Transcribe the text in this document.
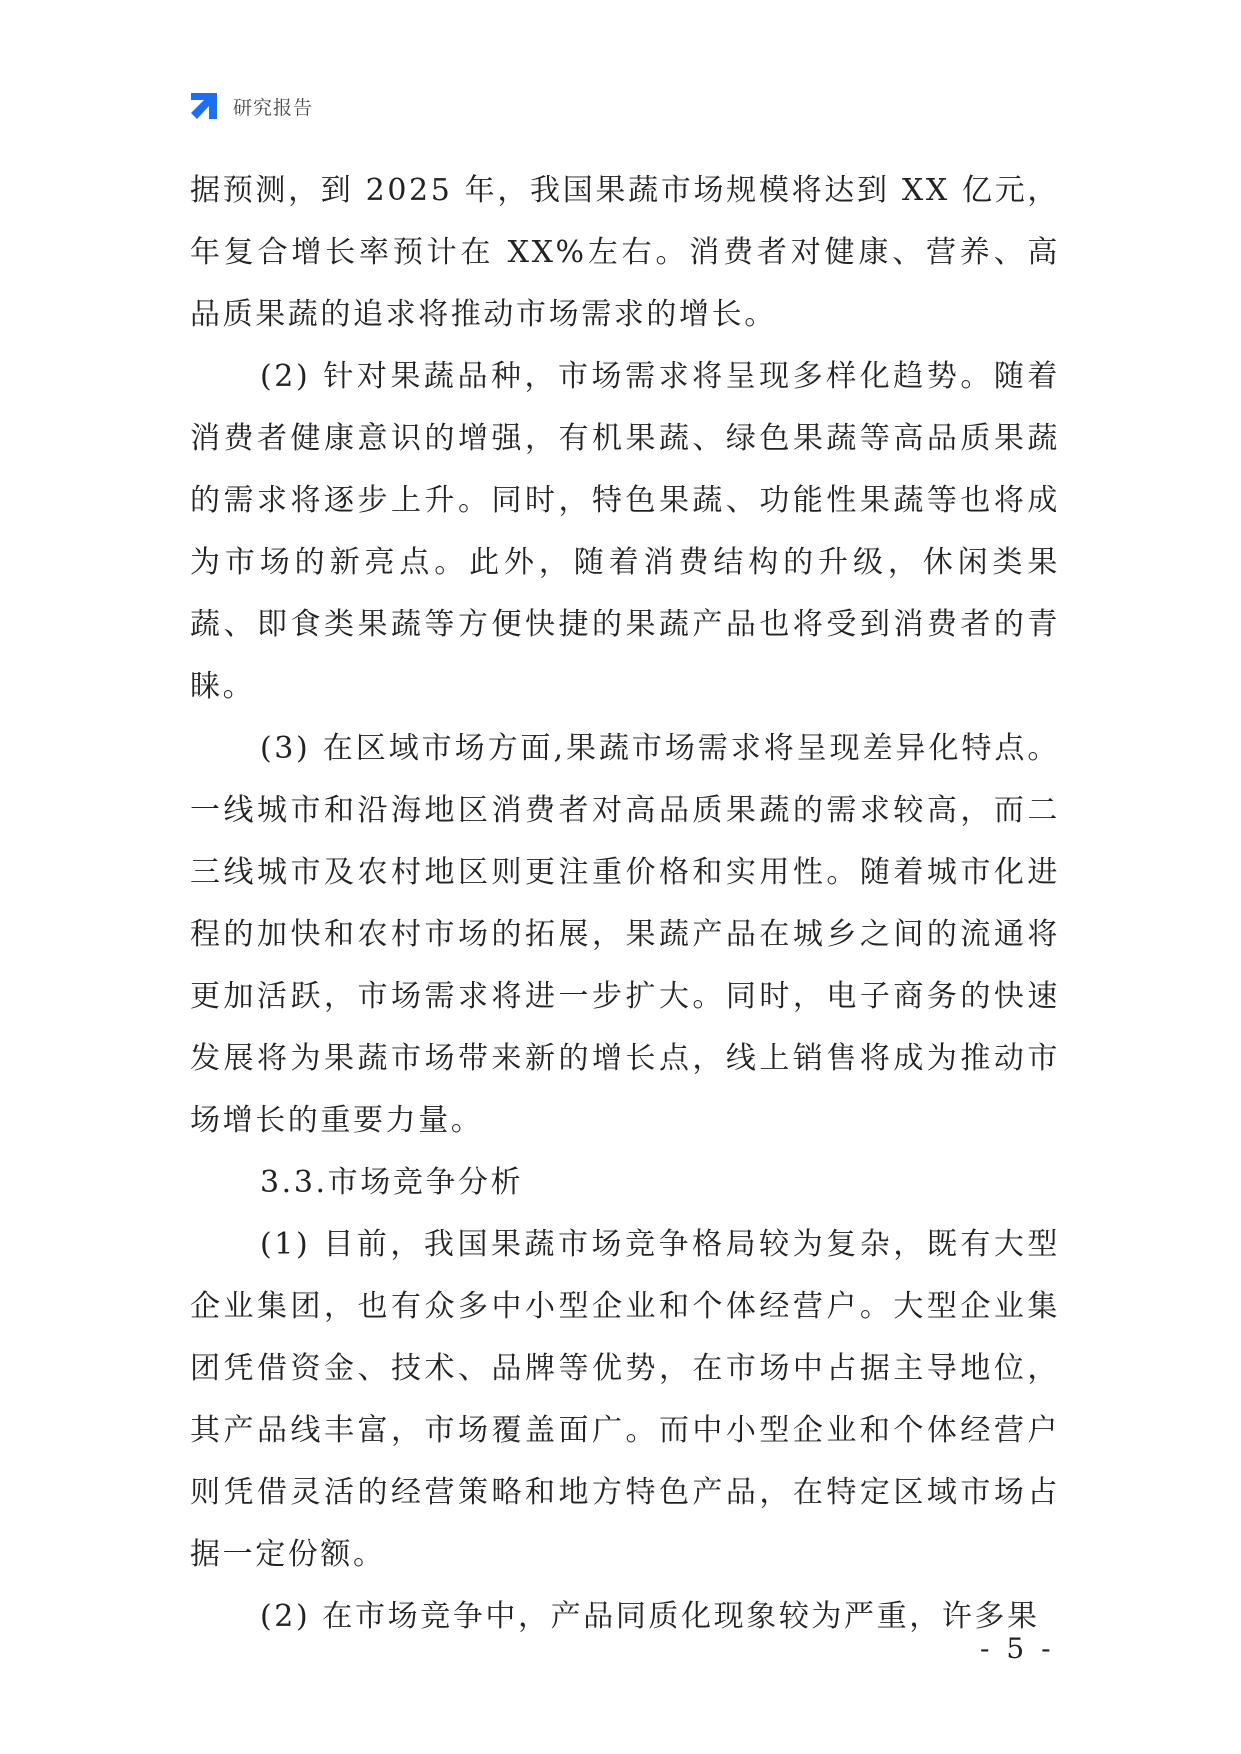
研究报告

据预测，到 2025 年，我国果蔬市场规模将达到 XX 亿元，年复合增长率预计在 XX%左右。消费者对健康、营养、高品质果蔬的追求将推动市场需求的增长。

(2) 针对果蔬品种，市场需求将呈现多样化趋势。随着消费者健康意识的增强，有机果蔬、绿色果蔬等高品质果蔬的需求将逐步上升。同时，特色果蔬、功能性果蔬等也将成为市场的新亮点。此外，随着消费结构的升级，休闲类果蔬、即食类果蔬等方便快捷的果蔬产品也将受到消费者的青睐。

(3) 在区域市场方面,果蔬市场需求将呈现差异化特点。一线城市和沿海地区消费者对高品质果蔬的需求较高，而二三线城市及农村地区则更注重价格和实用性。随着城市化进程的加快和农村市场的拓展，果蔬产品在城乡之间的流通将更加活跃，市场需求将进一步扩大。同时，电子商务的快速发展将为果蔬市场带来新的增长点，线上销售将成为推动市场增长的重要力量。

3.3.市场竞争分析

(1) 目前，我国果蔬市场竞争格局较为复杂，既有大型企业集团，也有众多中小型企业和个体经营户。大型企业集团凭借资金、技术、品牌等优势，在市场中占据主导地位，其产品线丰富，市场覆盖面广。而中小型企业和个体经营户则凭借灵活的经营策略和地方特色产品，在特定区域市场占据一定份额。

(2) 在市场竞争中，产品同质化现象较为严重，许多果

- 5 -
